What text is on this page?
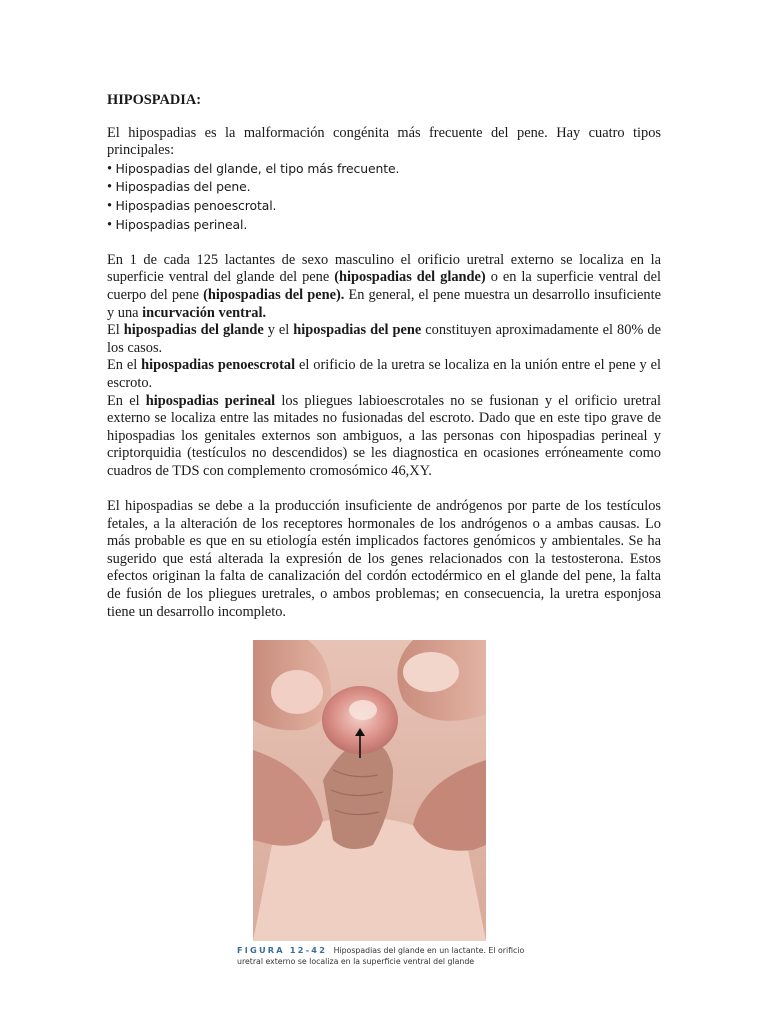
HIPOSPADIA:

El hipospadias es la malformación congénita más frecuente del pene. Hay cuatro tipos principales:

• Hipospadias del glande, el tipo más frecuente.
• Hipospadias del pene.
• Hipospadias penoescrotal.
• Hipospadias perineal.

En 1 de cada 125 lactantes de sexo masculino el orificio uretral externo se localiza en la superficie ventral del glande del pene (hipospadias del glande) o en la superficie ventral del cuerpo del pene (hipospadias del pene). En general, el pene muestra un desarrollo insuficiente y una incurvación ventral.

El hipospadias del glande y el hipospadias del pene constituyen aproximadamente el 80% de los casos.

En el hipospadias penoescrotal el orificio de la uretra se localiza en la unión entre el pene y el escroto.

En el hipospadias perineal los pliegues labioescrotales no se fusionan y el orificio uretral externo se localiza entre las mitades no fusionadas del escroto. Dado que en este tipo grave de hipospadias los genitales externos son ambiguos, a las personas con hipospadias perineal y criptorquidia (testículos no descendidos) se les diagnostica en ocasiones erróneamente como cuadros de TDS con complemento cromosómico 46,XY.

El hipospadias se debe a la producción insuficiente de andrógenos por parte de los testículos fetales, a la alteración de los receptores hormonales de los andrógenos o a ambas causas. Lo más probable es que en su etiología estén implicados factores genómicos y ambientales. Se ha sugerido que está alterada la expresión de los genes relacionados con la testosterona. Estos efectos originan la falta de canalización del cordón ectodérmico en el glande del pene, la falta de fusión de los pliegues uretrales, o ambos problemas; en consecuencia, la uretra esponjosa tiene un desarrollo incompleto.

FIGURA 12-42 Hipospadias del glande en un lactante. El orificio uretral externo se localiza en la superficie ventral del glande
